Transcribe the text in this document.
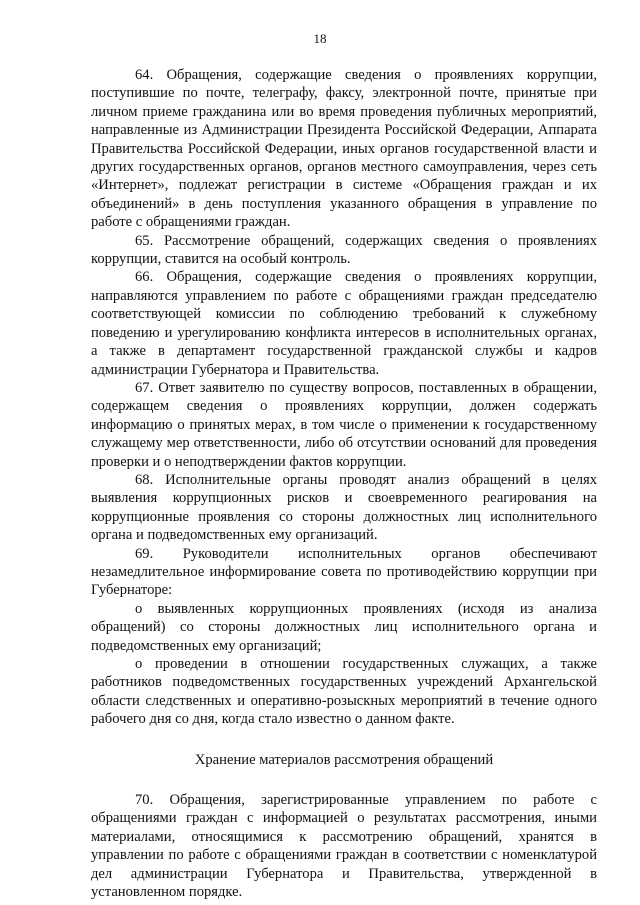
18

64. Обращения, содержащие сведения о проявлениях коррупции, поступившие по почте, телеграфу, факсу, электронной почте, принятые при личном приеме гражданина или во время проведения публичных мероприятий, направленные из Администрации Президента Российской Федерации, Аппарата Правительства Российской Федерации, иных органов государственной власти и других государственных органов, органов местного самоуправления, через сеть «Интернет», подлежат регистрации в системе «Обращения граждан и их объединений» в день поступления указанного обращения в управление по работе с обращениями граждан.

65. Рассмотрение обращений, содержащих сведения о проявлениях коррупции, ставится на особый контроль.

66. Обращения, содержащие сведения о проявлениях коррупции, направляются управлением по работе с обращениями граждан председателю соответствующей комиссии по соблюдению требований к служебному поведению и урегулированию конфликта интересов в исполнительных органах, а также в департамент государственной гражданской службы и кадров администрации Губернатора и Правительства.

67. Ответ заявителю по существу вопросов, поставленных в обращении, содержащем сведения о проявлениях коррупции, должен содержать информацию о принятых мерах, в том числе о применении к государственному служащему мер ответственности, либо об отсутствии оснований для проведения проверки и о неподтверждении фактов коррупции.

68. Исполнительные органы проводят анализ обращений в целях выявления коррупционных рисков и своевременного реагирования на коррупционные проявления со стороны должностных лиц исполнительного органа и подведомственных ему организаций.

69. Руководители исполнительных органов обеспечивают незамедлительное информирование совета по противодействию коррупции при Губернаторе:

о выявленных коррупционных проявлениях (исходя из анализа обращений) со стороны должностных лиц исполнительного органа и подведомственных ему организаций;

о проведении в отношении государственных служащих, а также работников подведомственных государственных учреждений Архангельской области следственных и оперативно-розыскных мероприятий в течение одного рабочего дня со дня, когда стало известно о данном факте.

Хранение материалов рассмотрения обращений

70. Обращения, зарегистрированные управлением по работе с обращениями граждан с информацией о результатах рассмотрения, иными материалами, относящимися к рассмотрению обращений, хранятся в управлении по работе с обращениями граждан в соответствии с номенклатурой дел администрации Губернатора и Правительства, утвержденной в установленном порядке.
